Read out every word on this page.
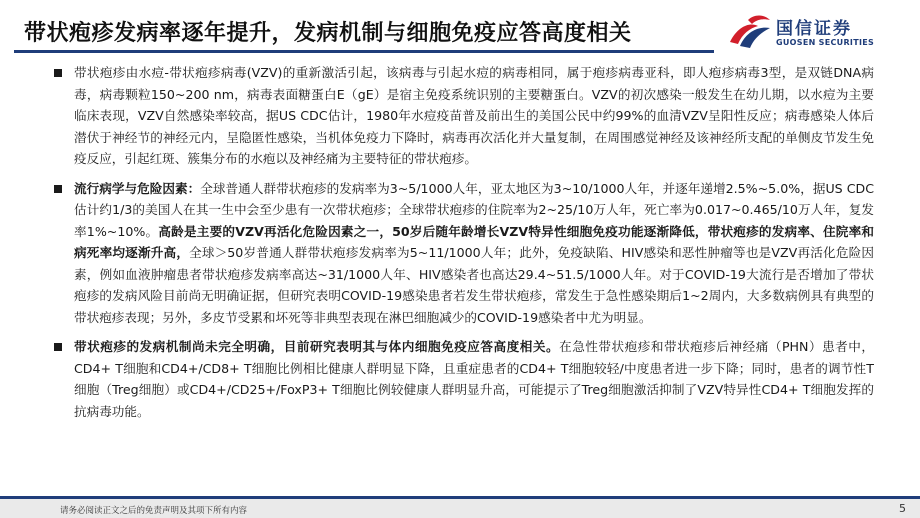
带状疱疹发病率逐年提升，发病机制与细胞免疫应答高度相关	国信证券
GUOSEN SECURITIES
带状疱疹由水痘-带状疱疹病毒(VZV)的重新激活引起，该病毒与引起水痘的病毒相同，属于疱疹病毒亚科，即人疱疹病毒3型，是双链DNA病毒，病毒颗粒150~200 nm，病毒表面糖蛋白E（gE）是宿主免疫系统识别的主要糖蛋白。VZV的初次感染一般发生在幼儿期，以水痘为主要临床表现，VZV自然感染率较高，据US CDC估计，1980年水痘疫苗普及前出生的美国公民中约99%的血清VZV呈阳性反应；病毒感染人体后潜伏于神经节的神经元内，呈隐匿性感染，当机体免疫力下降时，病毒再次活化并大量复制，在周围感觉神经及该神经所支配的单侧皮节发生免疫反应，引起红斑、簇集分布的水疱以及神经痛为主要特征的带状疱疹。
流行病学与危险因素：全球普通人群带状疱疹的发病率为3~5/1000人年，亚太地区为3~10/1000人年，并逐年递增2.5%~5.0%，据US CDC估计约1/3的美国人在其一生中会至少患有一次带状疱疹；全球带状疱疹的住院率为2~25/10万人年，死亡率为0.017~0.465/10万人年，复发率1%~10%。高龄是主要的VZV再活化危险因素之一，50岁后随年龄增长VZV特异性细胞免疫功能逐渐降低，带状疱疹的发病率、住院率和病死率均逐渐升高，全球＞50岁普通人群带状疱疹发病率为5~11/1000人年；此外，免疫缺陷、HIV感染和恶性肿瘤等也是VZV再活化危险因素，例如血液肿瘤患者带状疱疹发病率高达~31/1000人年、HIV感染者也高达29.4~51.5/1000人年。对于COVID-19大流行是否增加了带状疱疹的发病风险目前尚无明确证据，但研究表明COVID-19感染患者若发生带状疱疹，常发生于急性感染期后1~2周内，大多数病例具有典型的带状疱疹表现；另外，多皮节受累和坏死等非典型表现在淋巴细胞减少的COVID-19感染者中尤为明显。
带状疱疹的发病机制尚未完全明确，目前研究表明其与体内细胞免疫应答高度相关。在急性带状疱疹和带状疱疹后神经痛（PHN）患者中，CD4+ T细胞和CD4+/CD8+ T细胞比例相比健康人群明显下降，且重症患者的CD4+ T细胞较轻/中度患者进一步下降；同时，患者的调节性T细胞（Treg细胞）或CD4+/CD25+/FoxP3+ T细胞比例较健康人群明显升高，可能提示了Treg细胞激活抑制了VZV特异性CD4+ T细胞发挥的抗病毒功能。
请务必阅读正文之后的免责声明及其项下所有内容	5
